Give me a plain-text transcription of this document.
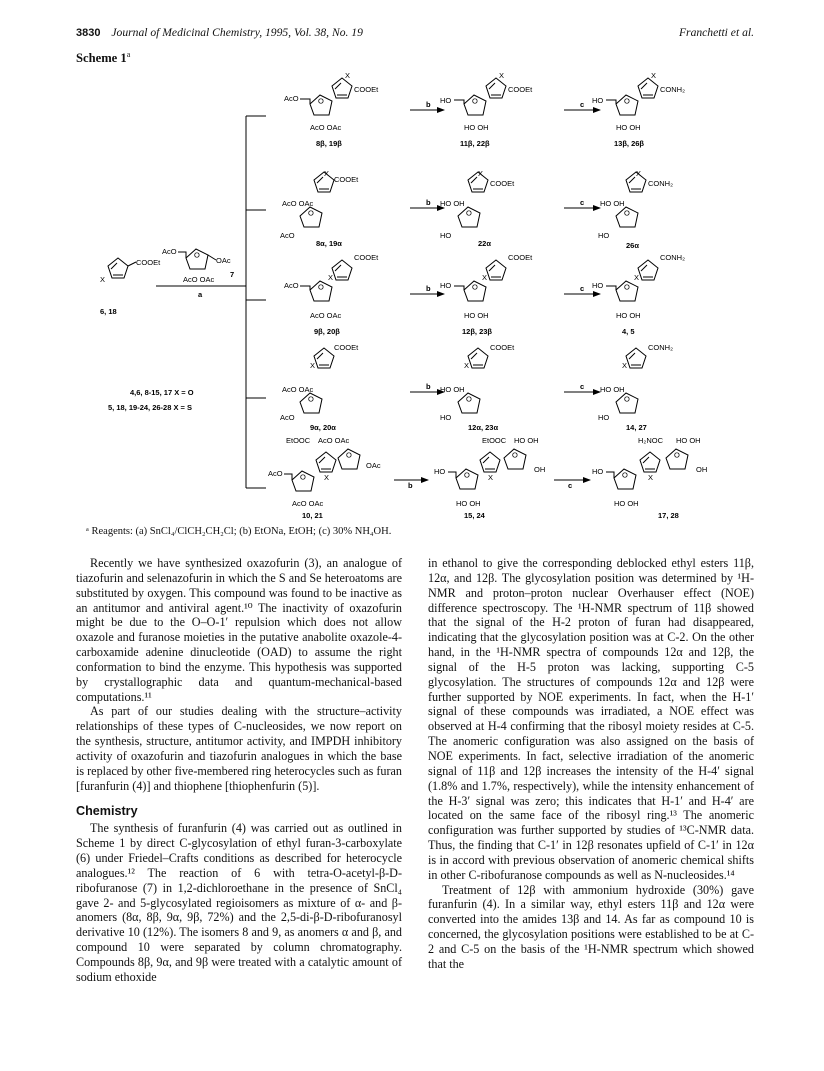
3830 Journal of Medicinal Chemistry, 1995, Vol. 38, No. 19	Franchetti et al.
Scheme 1$^a$
COOEt
X
6, 18
AcO
OAc
AcO OAc
7
a
4,6, 8-15, 17 X = O
5, 18, 19-24, 26-28 X = S
AcO
X
COOEt
AcO OAc
8β, 19β
b HO
X
COOEt
HO OH
11β, 22β
c HO
X
CONH₂
HO OH
13β, 26β
X
COOEt
AcO OAc
AcO
8α, 19α
b
X
COOEt
HO OH
HO
22α
c
X
CONH₂
HO OH
HO
26α
AcO
X
COOEt
AcO OAc
9β, 20β
b HO
X
COOEt
HO OH
12β, 23β
c HO
X
CONH₂
HO OH
4, 5
X
COOEt
AcO OAc
AcO
9α, 20α
b
X
COOEt
HO OH
HO
12α, 23α
c
X
CONH₂
HO OH
HO
14, 27
EtOOC AcO OAc
AcO	X
OAc
AcO OAc
10, 21
b
EtOOC HO OH
HO
X
OH
HO OH
15, 24
c
H₂NOC HO OH
HO
X
OH
HO OH
17, 28
ᵃ Reagents: (a) SnCl₄/ClCH₂CH₂Cl; (b) EtONa, EtOH; (c) 30% NH₄OH.

Recently we have synthesized oxazofurin (3), an analogue of tiazofurin and selenazofurin in which the S and Se heteroatoms are substituted by oxygen. This compound was found to be inactive as an antitumor and antiviral agent.¹⁰ The inactivity of oxazofurin might be due to the O–O-1′ repulsion which does not allow oxazole and furanose moieties in the putative anabolite oxazole-4-carboxamide adenine dinucleotide (OAD) to assume the right conformation to bind the enzyme. This hypothesis was supported by crystallographic data and quantum-mechanical-based computations.¹¹

As part of our studies dealing with the structure–activity relationships of these types of C-nucleosides, we now report on the synthesis, structure, antitumor activity, and IMPDH inhibitory activity of oxazofurin and tiazofurin analogues in which the base is replaced by other five-membered ring heterocycles such as furan [furanfurin (4)] and thiophene [thiophenfurin (5)].

Chemistry

The synthesis of furanfurin (4) was carried out as outlined in Scheme 1 by direct C-glycosylation of ethyl furan-3-carboxylate (6) under Friedel–Crafts conditions as described for heterocycle analogues.¹² The reaction of 6 with tetra-O-acetyl-β-D-ribofuranose (7) in 1,2-dichloroethane in the presence of SnCl₄ gave 2- and 5-glycosylated regioisomers as mixture of α- and β-anomers (8α, 8β, 9α, 9β, 72%) and the 2,5-di-β-D-ribofuranosyl derivative 10 (12%). The isomers 8 and 9, as anomers α and β, and compound 10 were separated by column chromatography. Compounds 8β, 9α, and 9β were treated with a catalytic amount of sodium ethoxide

in ethanol to give the corresponding deblocked ethyl esters 11β, 12α, and 12β. The glycosylation position was determined by ¹H-NMR and proton–proton nuclear Overhauser effect (NOE) difference spectroscopy. The ¹H-NMR spectrum of 11β showed that the signal of the H-2 proton of furan had disappeared, indicating that the glycosylation position was at C-2. On the other hand, in the ¹H-NMR spectra of compounds 12α and 12β, the signal of the H-5 proton was lacking, supporting C-5 glycosylation. The structures of compounds 12α and 12β were further supported by NOE experiments. In fact, when the H-1′ signal of these compounds was irradiated, a NOE effect was observed at H-4 confirming that the ribosyl moiety resides at C-5. The anomeric configuration was also assigned on the basis of NOE experiments. In fact, selective irradiation of the anomeric signal of 11β and 12β increases the intensity of the H-4′ signal (1.8% and 1.7%, respectively), while the intensity enhancement of the H-3′ signal was zero; this indicates that H-1′ and H-4′ are located on the same face of the ribosyl ring.¹³ The anomeric configuration was further supported by studies of ¹³C-NMR data. Thus, the finding that C-1′ in 12β resonates upfield of C-1′ in 12α is in accord with previous observation of anomeric chemical shifts in other C-ribofuranose compounds as well as N-nucleosides.¹⁴

Treatment of 12β with ammonium hydroxide (30%) gave furanfurin (4). In a similar way, ethyl esters 11β and 12α were converted into the amides 13β and 14. As far as compound 10 is concerned, the glycosylation positions were established to be at C-2 and C-5 on the basis of the ¹H-NMR spectrum which showed that the
